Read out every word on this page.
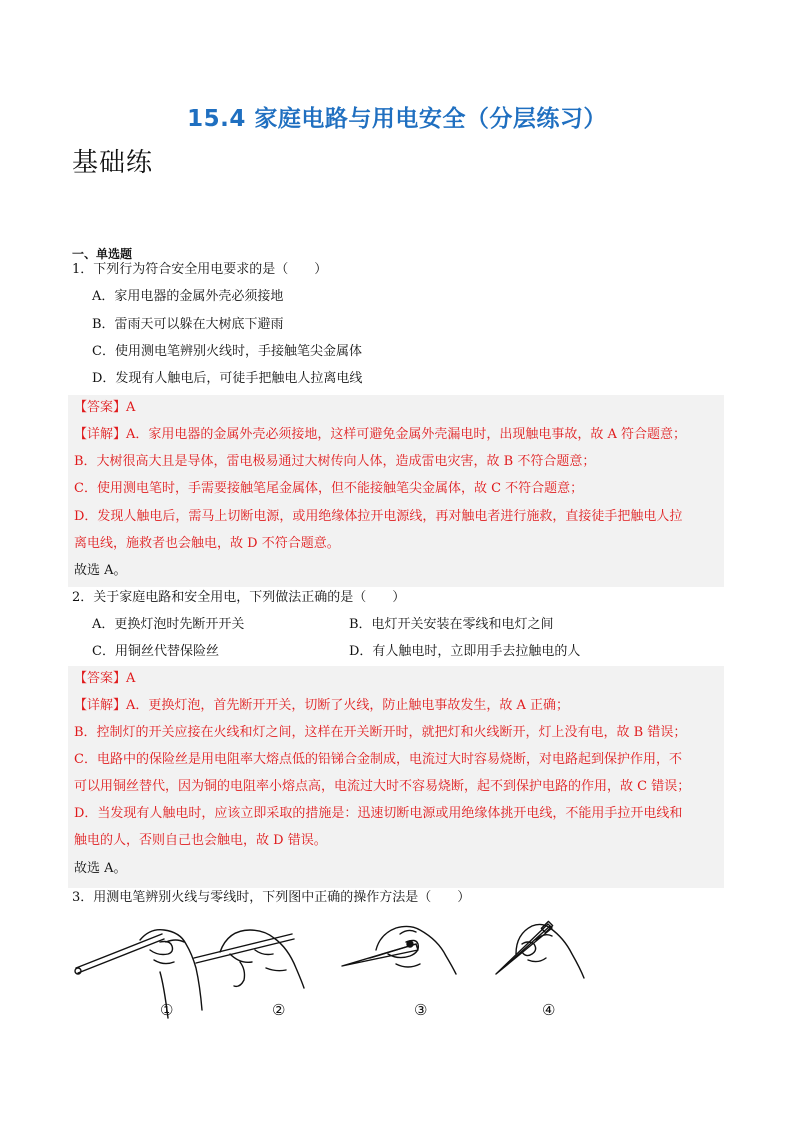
15.4 家庭电路与用电安全（分层练习）
基础练
一、单选题
1．下列行为符合安全用电要求的是（　　）
A．家用电器的金属外壳必须接地
B．雷雨天可以躲在大树底下避雨
C．使用测电笔辨别火线时，手接触笔尖金属体
D．发现有人触电后，可徒手把触电人拉离电线
【答案】A
【详解】A．家用电器的金属外壳必须接地，这样可避免金属外壳漏电时，出现触电事故，故 A 符合题意；
B．大树很高大且是导体，雷电极易通过大树传向人体，造成雷电灾害，故 B 不符合题意；
C．使用测电笔时，手需要接触笔尾金属体，但不能接触笔尖金属体，故 C 不符合题意；
D．发现人触电后，需马上切断电源，或用绝缘体拉开电源线，再对触电者进行施救，直接徒手把触电人拉
离电线，施救者也会触电，故 D 不符合题意。
故选 A。
2．关于家庭电路和安全用电，下列做法正确的是（　　）
A．更换灯泡时先断开开关	B．电灯开关安装在零线和电灯之间
C．用铜丝代替保险丝	D．有人触电时，立即用手去拉触电的人
【答案】A
【详解】A．更换灯泡，首先断开开关，切断了火线，防止触电事故发生，故 A 正确；
B．控制灯的开关应接在火线和灯之间，这样在开关断开时，就把灯和火线断开，灯上没有电，故 B 错误；
C．电路中的保险丝是用电阻率大熔点低的铅锑合金制成，电流过大时容易烧断，对电路起到保护作用，不
可以用铜丝替代，因为铜的电阻率小熔点高，电流过大时不容易烧断，起不到保护电路的作用，故 C 错误；
D．当发现有人触电时，应该立即采取的措施是：迅速切断电源或用绝缘体挑开电线，不能用手拉开电线和
触电的人，否则自己也会触电，故 D 错误。
故选 A。
3．用测电笔辨别火线与零线时，下列图中正确的操作方法是（　　）
①	②	③	④
